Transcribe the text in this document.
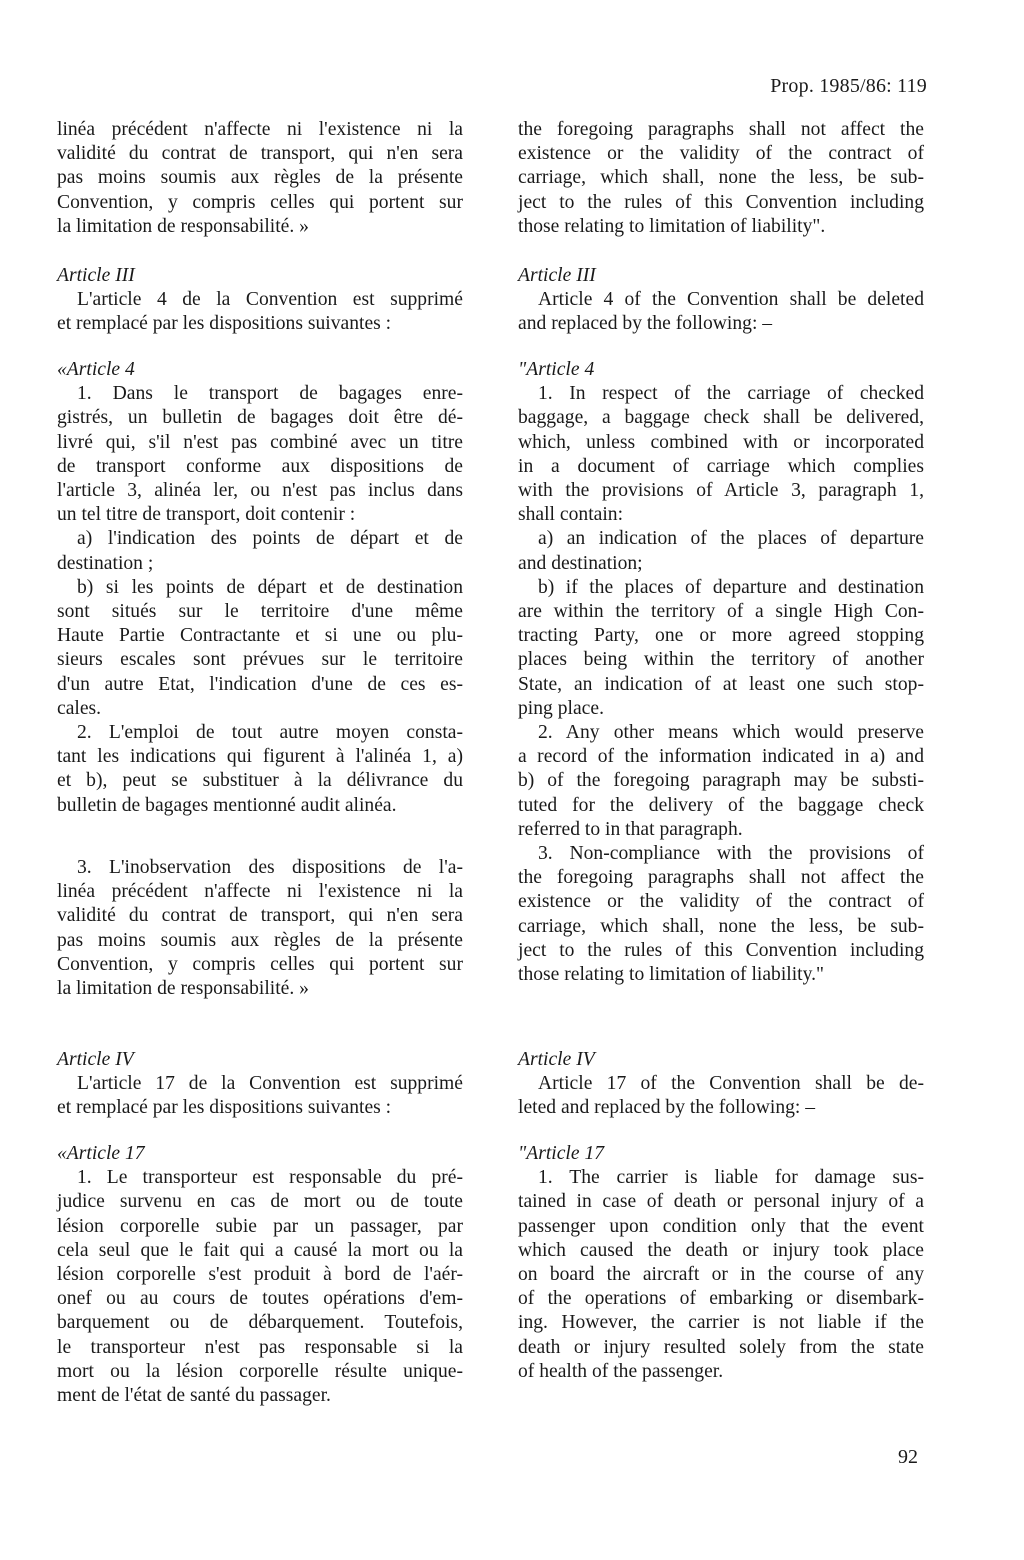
Prop. 1985/86: 119

linéa précédent n'affecte ni l'existence ni la

validité du contrat de transport, qui n'en sera

pas moins soumis aux règles de la présente

Convention, y compris celles qui portent sur

la limitation de responsabilité. »

Article III

L'article 4 de la Convention est supprimé

et remplacé par les dispositions suivantes :

«Article 4

1. Dans le transport de bagages enre-

gistrés, un bulletin de bagages doit être dé-

livré qui, s'il n'est pas combiné avec un titre

de transport conforme aux dispositions de

l'article 3, alinéa ler, ou n'est pas inclus dans

un tel titre de transport, doit contenir :

a) l'indication des points de départ et de

destination ;

b) si les points de départ et de destination

sont situés sur le territoire d'une même

Haute Partie Contractante et si une ou plu-

sieurs escales sont prévues sur le territoire

d'un autre Etat, l'indication d'une de ces es-

cales.

2. L'emploi de tout autre moyen consta-

tant les indications qui figurent à l'alinéa 1, a)

et b), peut se substituer à la délivrance du

bulletin de bagages mentionné audit alinéa.

3. L'inobservation des dispositions de l'a-

linéa précédent n'affecte ni l'existence ni la

validité du contrat de transport, qui n'en sera

pas moins soumis aux règles de la présente

Convention, y compris celles qui portent sur

la limitation de responsabilité. »

Article IV

L'article 17 de la Convention est supprimé

et remplacé par les dispositions suivantes :

«Article 17

1. Le transporteur est responsable du pré-

judice survenu en cas de mort ou de toute

lésion corporelle subie par un passager, par

cela seul que le fait qui a causé la mort ou la

lésion corporelle s'est produit à bord de l'aér-

onef ou au cours de toutes opérations d'em-

barquement ou de débarquement. Toutefois,

le transporteur n'est pas responsable si la

mort ou la lésion corporelle résulte unique-

ment de l'état de santé du passager.

the foregoing paragraphs shall not affect the

existence or the validity of the contract of

carriage, which shall, none the less, be sub-

ject to the rules of this Convention including

those relating to limitation of liability".

Article III

Article 4 of the Convention shall be deleted

and replaced by the following: –

"Article 4

1. In respect of the carriage of checked

baggage, a baggage check shall be delivered,

which, unless combined with or incorporated

in a document of carriage which complies

with the provisions of Article 3, paragraph 1,

shall contain:

a) an indication of the places of departure

and destination;

b) if the places of departure and destination

are within the territory of a single High Con-

tracting Party, one or more agreed stopping

places being within the territory of another

State, an indication of at least one such stop-

ping place.

2. Any other means which would preserve

a record of the information indicated in a) and

b) of the foregoing paragraph may be substi-

tuted for the delivery of the baggage check

referred to in that paragraph.

3. Non-compliance with the provisions of

the foregoing paragraphs shall not affect the

existence or the validity of the contract of

carriage, which shall, none the less, be sub-

ject to the rules of this Convention including

those relating to limitation of liability."

Article IV

Article 17 of the Convention shall be de-

leted and replaced by the following: –

"Article 17

1. The carrier is liable for damage sus-

tained in case of death or personal injury of a

passenger upon condition only that the event

which caused the death or injury took place

on board the aircraft or in the course of any

of the operations of embarking or disembark-

ing. However, the carrier is not liable if the

death or injury resulted solely from the state

of health of the passenger.

92
